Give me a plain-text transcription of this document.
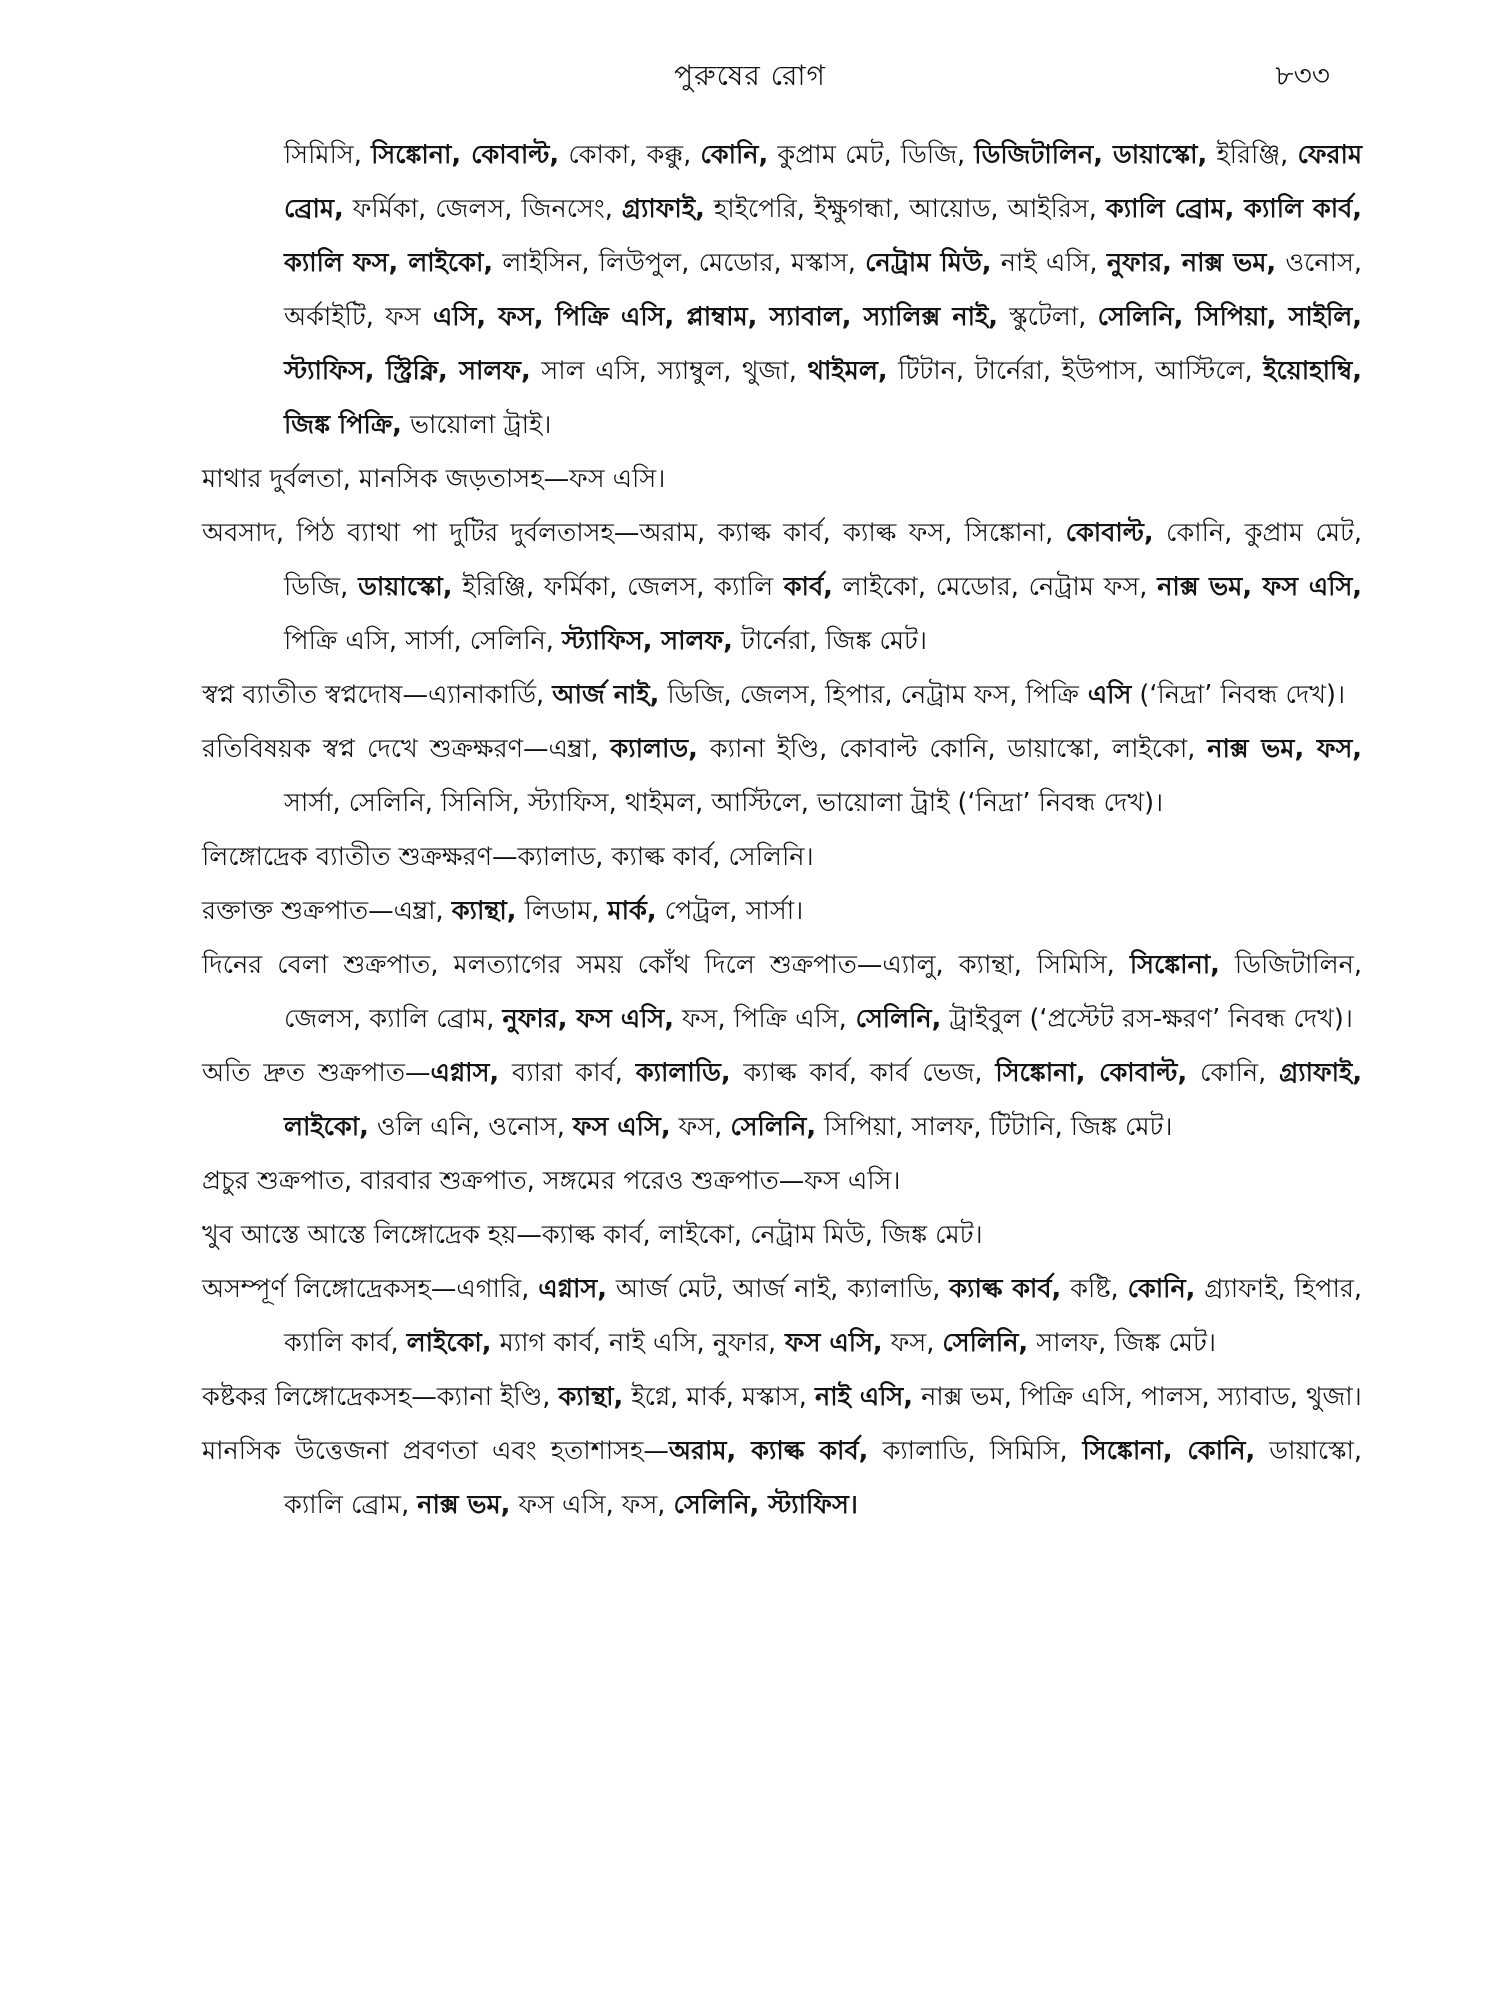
পুরুষের রোগ	৮৩৩

সিমিসি, সিঙ্কোনা, কোবাল্ট, কোকা, কক্কু, কোনি, কুপ্রাম মেট, ডিজি, ডিজিটালিন, ডায়াস্কো, ইরিঞ্জি, ফেরাম ব্রোম, ফর্মিকা, জেলস, জিনসেং, গ্র্যাফাই, হাইপেরি, ইক্ষুগন্ধা, আয়োড, আইরিস, ক্যালি ব্রোম, ক্যালি কার্ব, ক্যালি ফস, লাইকো, লাইসিন, লিউপুল, মেডোর, মস্কাস, নেট্রাম মিউ, নাই এসি, নুফার, নাক্স ভম, ওনোস, অর্কাইটি, ফস এসি, ফস, পিক্রি এসি, প্লাম্বাম, স্যাবাল, স্যালিক্স নাই, স্কুটেলা, সেলিনি, সিপিয়া, সাইলি, স্ট্যাফিস, স্ট্রিক্নি, সালফ, সাল এসি, স্যাম্বুল, থুজা, থাইমল, টিটান, টার্নেরা, ইউপাস, আস্টিলে, ইয়োহাম্বি, জিঙ্ক পিক্রি, ভায়োলা ট্রাই।

মাথার দুর্বলতা, মানসিক জড়তাসহ—ফস এসি।

অবসাদ, পিঠ ব্যাথা পা দুটির দুর্বলতাসহ—অরাম, ক্যাল্ক কার্ব, ক্যাল্ক ফস, সিঙ্কোনা, কোবাল্ট, কোনি, কুপ্রাম মেট, ডিজি, ডায়াস্কো, ইরিঞ্জি, ফর্মিকা, জেলস, ক্যালি কার্ব, লাইকো, মেডোর, নেট্রাম ফস, নাক্স ভম, ফস এসি, পিক্রি এসি, সার্সা, সেলিনি, স্ট্যাফিস, সালফ, টার্নেরা, জিঙ্ক মেট।

স্বপ্ন ব্যাতীত স্বপ্নদোষ—এ্যানাকার্ডি, আর্জ নাই, ডিজি, জেলস, হিপার, নেট্রাম ফস, পিক্রি এসি (‘নিদ্রা’ নিবন্ধ দেখ)।

রতিবিষয়ক স্বপ্ন দেখে শুক্রক্ষরণ—এম্ব্রা, ক্যালাড, ক্যানা ইণ্ডি, কোবাল্ট কোনি, ডায়াস্কো, লাইকো, নাক্স ভম, ফস, সার্সা, সেলিনি, সিনিসি, স্ট্যাফিস, থাইমল, আস্টিলে, ভায়োলা ট্রাই (‘নিদ্রা’ নিবন্ধ দেখ)।

লিঙ্গোদ্রেক ব্যাতীত শুক্রক্ষরণ—ক্যালাড, ক্যাল্ক কার্ব, সেলিনি।

রক্তাক্ত শুক্রপাত—এম্ব্রা, ক্যান্থা, লিডাম, মার্ক, পেট্রল, সার্সা।

দিনের বেলা শুক্রপাত, মলত্যাগের সময় কোঁথ দিলে শুক্রপাত—এ্যালু, ক্যান্থা, সিমিসি, সিঙ্কোনা, ডিজিটালিন, জেলস, ক্যালি ব্রোম, নুফার, ফস এসি, ফস, পিক্রি এসি, সেলিনি, ট্রাইবুল (‘প্রস্টেট রস-ক্ষরণ’ নিবন্ধ দেখ)।

অতি দ্রুত শুক্রপাত—এগ্নাস, ব্যারা কার্ব, ক্যালাডি, ক্যাল্ক কার্ব, কার্ব ভেজ, সিঙ্কোনা, কোবাল্ট, কোনি, গ্র্যাফাই, লাইকো, ওলি এনি, ওনোস, ফস এসি, ফস, সেলিনি, সিপিয়া, সালফ, টিটানি, জিঙ্ক মেট।

প্রচুর শুক্রপাত, বারবার শুক্রপাত, সঙ্গমের পরেও শুক্রপাত—ফস এসি।

খুব আস্তে আস্তে লিঙ্গোদ্রেক হয়—ক্যাল্ক কার্ব, লাইকো, নেট্রাম মিউ, জিঙ্ক মেট।

অসম্পূর্ণ লিঙ্গোদ্রেকসহ—এগারি, এগ্নাস, আর্জ মেট, আর্জ নাই, ক্যালাডি, ক্যাল্ক কার্ব, কষ্টি, কোনি, গ্র্যাফাই, হিপার, ক্যালি কার্ব, লাইকো, ম্যাগ কার্ব, নাই এসি, নুফার, ফস এসি, ফস, সেলিনি, সালফ, জিঙ্ক মেট।

কষ্টকর লিঙ্গোদ্রেকসহ—ক্যানা ইণ্ডি, ক্যান্থা, ইগ্নে, মার্ক, মস্কাস, নাই এসি, নাক্স ভম, পিক্রি এসি, পালস, স্যাবাড, থুজা।

মানসিক উত্তেজনা প্রবণতা এবং হতাশাসহ—অরাম, ক্যাল্ক কার্ব, ক্যালাডি, সিমিসি, সিঙ্কোনা, কোনি, ডায়াস্কো, ক্যালি ব্রোম, নাক্স ভম, ফস এসি, ফস, সেলিনি, স্ট্যাফিস।
